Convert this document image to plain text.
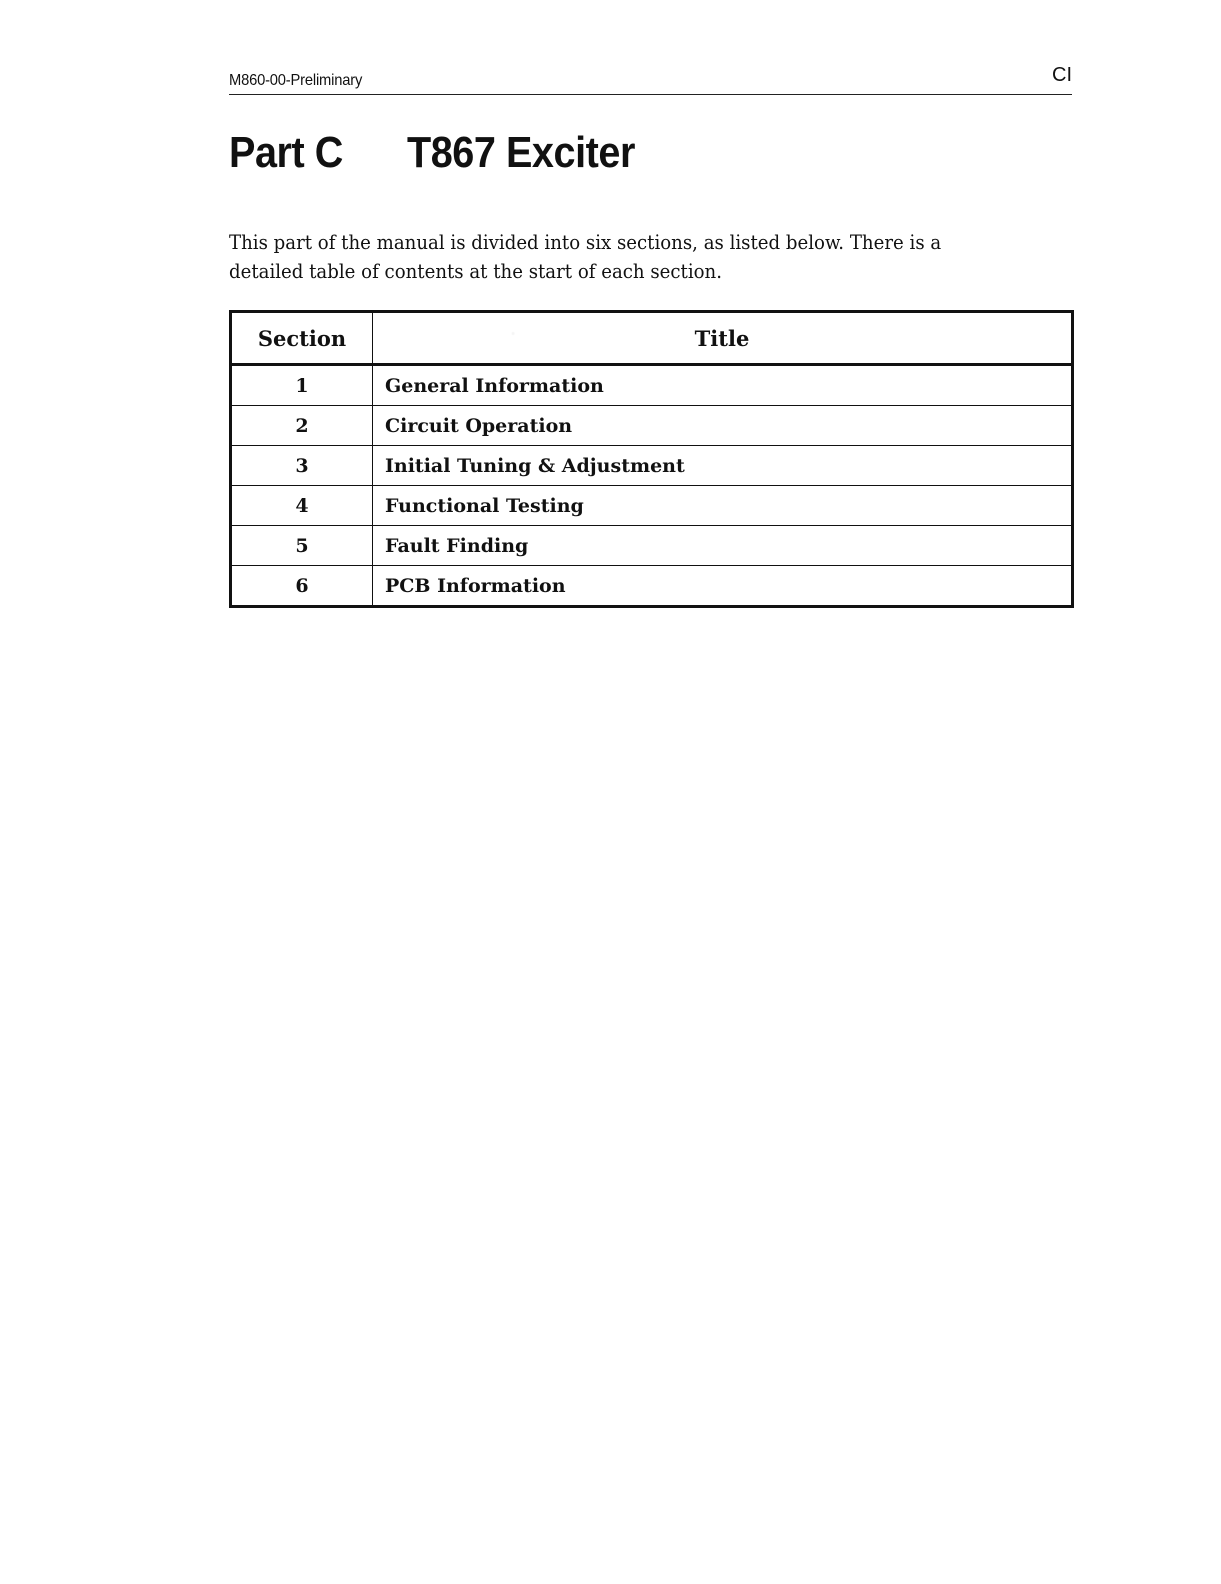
M860-00-Preliminary	CI
Part C T867 Exciter

This part of the manual is divided into six sections, as listed below. There is a detailed table of contents at the start of each section.

Section	Title
1	General Information
2	Circuit Operation
3	Initial Tuning & Adjustment
4	Functional Testing
5	Fault Finding
6	PCB Information
